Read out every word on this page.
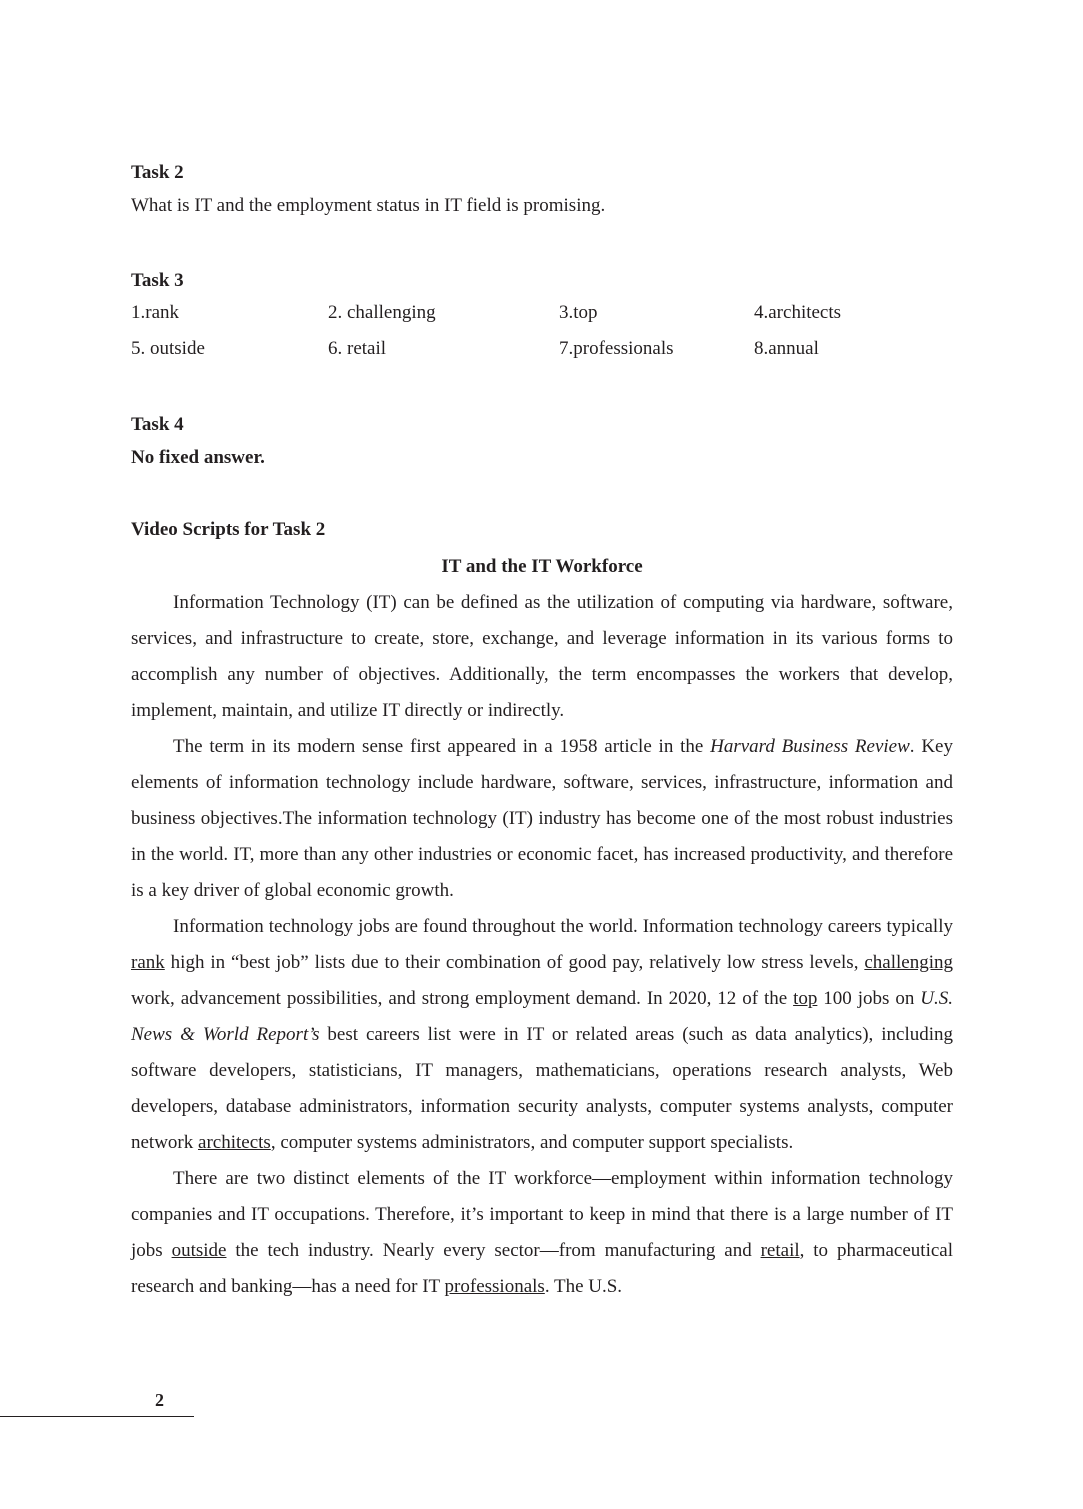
Task 2
What is IT and the employment status in IT field is promising.
Task 3
1.rank	2. challenging	3.top	4.architects
5. outside	6. retail	7.professionals	8.annual
Task 4
No fixed answer.
Video Scripts for Task 2
IT and the IT Workforce

Information Technology (IT) can be defined as the utilization of computing via hardware, software, services, and infrastructure to create, store, exchange, and leverage information in its various forms to accomplish any number of objectives. Additionally, the term encompasses the workers that develop, implement, maintain, and utilize IT directly or indirectly.

The term in its modern sense first appeared in a 1958 article in the Harvard Business Review. Key elements of information technology include hardware, software, services, infrastructure, information and business objectives.The information technology (IT) industry has become one of the most robust industries in the world. IT, more than any other industries or economic facet, has increased productivity, and therefore is a key driver of global economic growth.

Information technology jobs are found throughout the world. Information technology careers typically rank high in “best job” lists due to their combination of good pay, relatively low stress levels, challenging work, advancement possibilities, and strong employment demand. In 2020, 12 of the top 100 jobs on U.S. News & World Report’s best careers list were in IT or related areas (such as data analytics), including software developers, statisticians, IT managers, mathematicians, operations research analysts, Web developers, database administrators, information security analysts, computer systems analysts, computer network architects, computer systems administrators, and computer support specialists.

There are two distinct elements of the IT workforce—employment within information technology companies and IT occupations. Therefore, it’s important to keep in mind that there is a large number of IT jobs outside the tech industry. Nearly every sector—from manufacturing and retail, to pharmaceutical research and banking—has a need for IT professionals. The U.S.

2
